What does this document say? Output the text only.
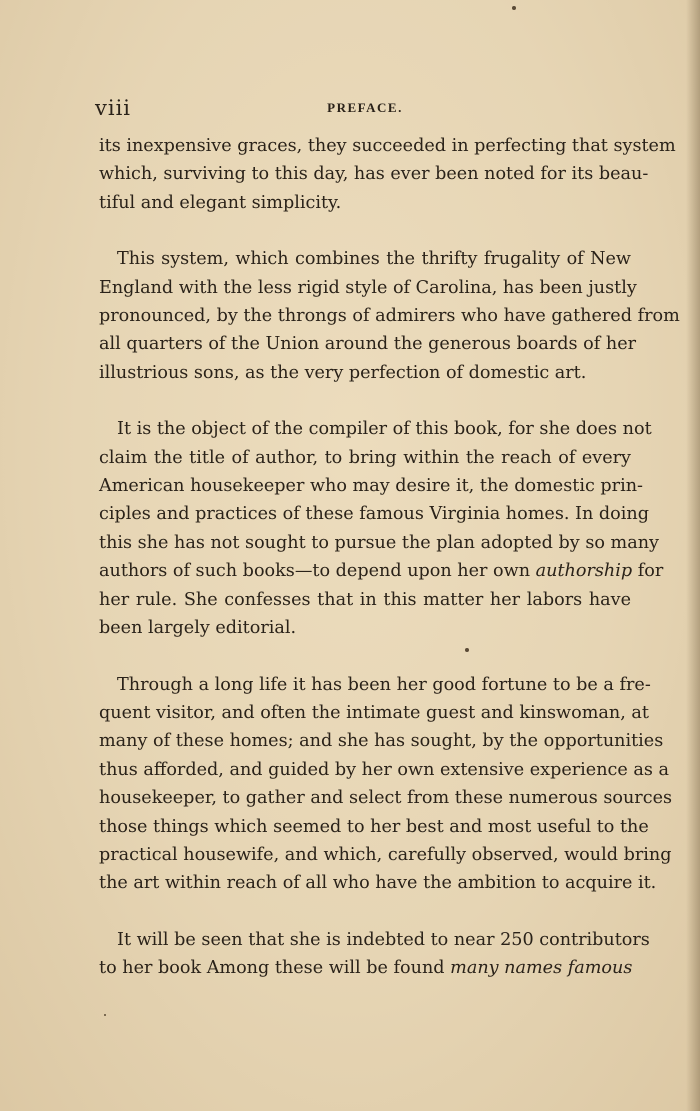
viii	PREFACE.

its inexpensive graces, they succeeded in perfecting that system
which, surviving to this day, has ever been noted for its beau-
tiful and elegant simplicity.

This system, which combines the thrifty frugality of New
England with the less rigid style of Carolina, has been justly
pronounced, by the throngs of admirers who have gathered from
all quarters of the Union around the generous boards of her
illustrious sons, as the very perfection of domestic art.

It is the object of the compiler of this book, for she does not
claim the title of author, to bring within the reach of every
American housekeeper who may desire it, the domestic prin-
ciples and practices of these famous Virginia homes. In doing
this she has not sought to pursue the plan adopted by so many
authors of such books—to depend upon her own authorship for
her rule. She confesses that in this matter her labors have
been largely editorial.

Through a long life it has been her good fortune to be a fre-
quent visitor, and often the intimate guest and kinswoman, at
many of these homes; and she has sought, by the opportunities
thus afforded, and guided by her own extensive experience as a
housekeeper, to gather and select from these numerous sources
those things which seemed to her best and most useful to the
practical housewife, and which, carefully observed, would bring
the art within reach of all who have the ambition to acquire it.

It will be seen that she is indebted to near 250 contributors
to her book Among these will be found many names famous
